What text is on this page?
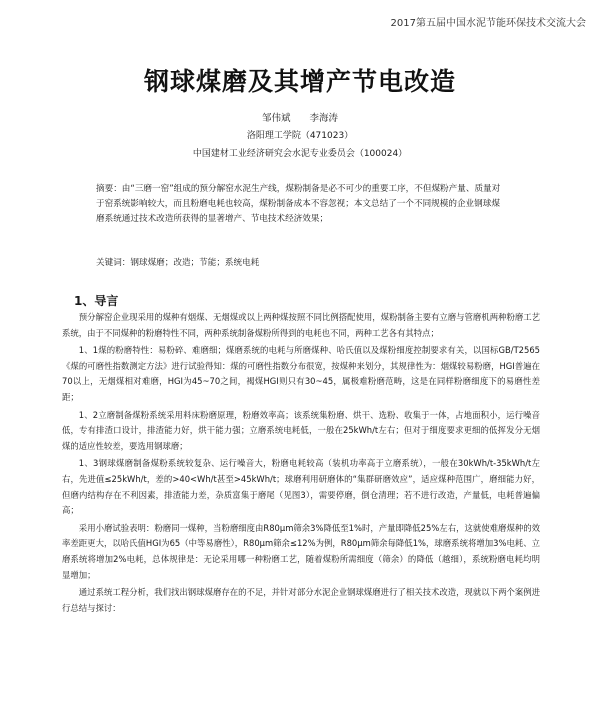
2017第五届中国水泥节能环保技术交流大会
钢球煤磨及其增产节电改造
邹伟斌 李海涛
洛阳理工学院（471023）
中国建材工业经济研究会水泥专业委员会（100024）
摘要：由“三磨一窑”组成的预分解窑水泥生产线，煤粉制备是必不可少的重要工序，不但煤粉产量、质量对于窑系统影响较大，而且粉磨电耗也较高，煤粉制备成本不容忽视；本文总结了一个不同规模的企业钢球煤磨系统通过技术改造所获得的显著增产、节电技术经济效果；
关键词：钢球煤磨；改造；节能；系统电耗
1、导言

预分解窑企业现采用的煤种有烟煤、无烟煤或以上两种煤按照不同比例搭配使用，煤粉制备主要有立磨与管磨机两种粉磨工艺系统，由于不同煤种的粉磨特性不同，两种系统制备煤粉所得到的电耗也不同，两种工艺各有其特点；

1、1煤的粉磨特性：易粉碎、难磨细；煤磨系统的电耗与所磨煤种、哈氏值以及煤粉细度控制要求有关，以国标GB/T2565《煤的可磨性指数测定方法》进行试验得知：煤的可磨性指数分布很宽，按煤种来划分，其规律性为：烟煤较易粉磨，HGI普遍在70以上，无烟煤相对难磨，HGI为45~70之间，褐煤HGI则只有30~45，属极难粉磨范畴，这是在同样粉磨细度下的易磨性差距；

1、2立磨制备煤粉系统采用料床粉磨原理，粉磨效率高；该系统集粉磨、烘干、选粉、收集于一体，占地面积小，运行噪音低，专有排渣口设计，排渣能力好，烘干能力强；立磨系统电耗低，一般在25kWh/t左右；但对于细度要求更细的低挥发分无烟煤的适应性较差，要选用钢球磨；

1、3钢球煤磨制备煤粉系统较复杂、运行噪音大，粉磨电耗较高（装机功率高于立磨系统），一般在30kWh/t-35kWh/t左右，先进值≤25kWh/t，差的>40<Wh/t甚至>45kWh/t；球磨利用研磨体的“集群研磨效应”，适应煤种范围广，磨细能力好，但磨内结构存在不利因素，排渣能力差，杂质富集于磨尾（见图3），需要停磨，倒仓清理；若不进行改造，产量低，电耗普遍偏高；

采用小磨试验表明：粉磨同一煤种，当粉磨细度由R80μm筛余3%降低至1%时，产量即降低25%左右，这就使难磨煤种的效率差距更大，以哈氏值HGI为65（中等易磨性），R80μm筛余≤12%为例，R80μm筛余每降低1%，球磨系统将增加3%电耗、立磨系统将增加2%电耗，总体规律是：无论采用哪一种粉磨工艺，随着煤粉所需细度（筛余）的降低（越细），系统粉磨电耗均明显增加；

通过系统工程分析，我们找出钢球煤磨存在的不足，并针对部分水泥企业钢球煤磨进行了相关技术改造，现就以下两个案例进行总结与探讨：
